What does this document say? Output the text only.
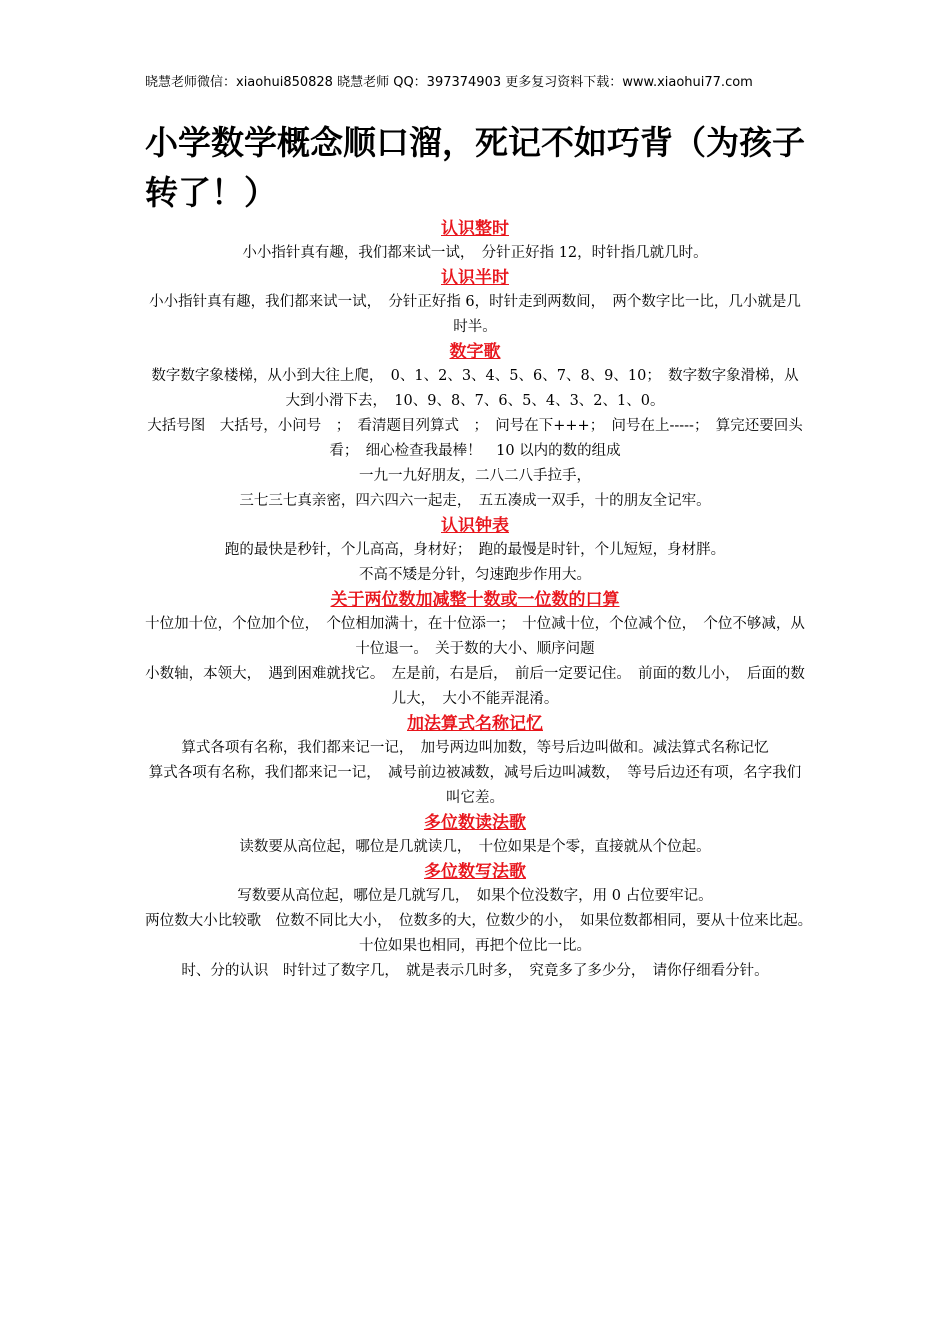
晓慧老师微信：xiaohui850828 晓慧老师 QQ：397374903 更多复习资料下载：www.xiaohui77.com
小学数学概念顺口溜，死记不如巧背（为孩子转了！）
认识整时
小小指针真有趣，我们都来试一试，　分针正好指 12，时针指几就几时。
认识半时
小小指针真有趣，我们都来试一试，　分针正好指 6，时针走到两数间，　两个数字比一比，几小就是几时半。
数字歌
数字数字象楼梯，从小到大往上爬，　0、1、2、3、4、5、6、7、8、9、10；　数字数字象滑梯，从大到小滑下去，　10、9、8、7、6、5、4、3、2、1、0。
大括号图　大括号，小问号　；　看清题目列算式　；　问号在下+++；　问号在上-----；　算完还要回头看；　细心检查我最棒！　10 以内的数的组成
一九一九好朋友，二八二八手拉手，
三七三七真亲密，四六四六一起走，　五五凑成一双手，十的朋友全记牢。
认识钟表
跑的最快是秒针，个儿高高，身材好；　跑的最慢是时针，个儿短短，身材胖。
不高不矮是分针，匀速跑步作用大。
关于两位数加减整十数或一位数的口算
十位加十位，个位加个位，　个位相加满十，在十位添一；　十位减十位，个位减个位，　个位不够减，从十位退一。　关于数的大小、顺序问题
小数轴，本领大，　遇到困难就找它。　左是前，右是后，　前后一定要记住。　前面的数儿小，　后面的数儿大，　大小不能弄混淆。
加法算式名称记忆
算式各项有名称，我们都来记一记，　加号两边叫加数，等号后边叫做和。减法算式名称记忆
算式各项有名称，我们都来记一记，　减号前边被减数，减号后边叫减数，　等号后边还有项，名字我们叫它差。
多位数读法歌
读数要从高位起，哪位是几就读几，　十位如果是个零，直接就从个位起。
多位数写法歌
写数要从高位起，哪位是几就写几，　如果个位没数字，用 0 占位要牢记。
两位数大小比较歌　位数不同比大小，　位数多的大，位数少的小，　如果位数都相同，要从十位来比起。　十位如果也相同，再把个位比一比。
时、分的认识　时针过了数字几，　就是表示几时多，　究竟多了多少分，　请你仔细看分针。
